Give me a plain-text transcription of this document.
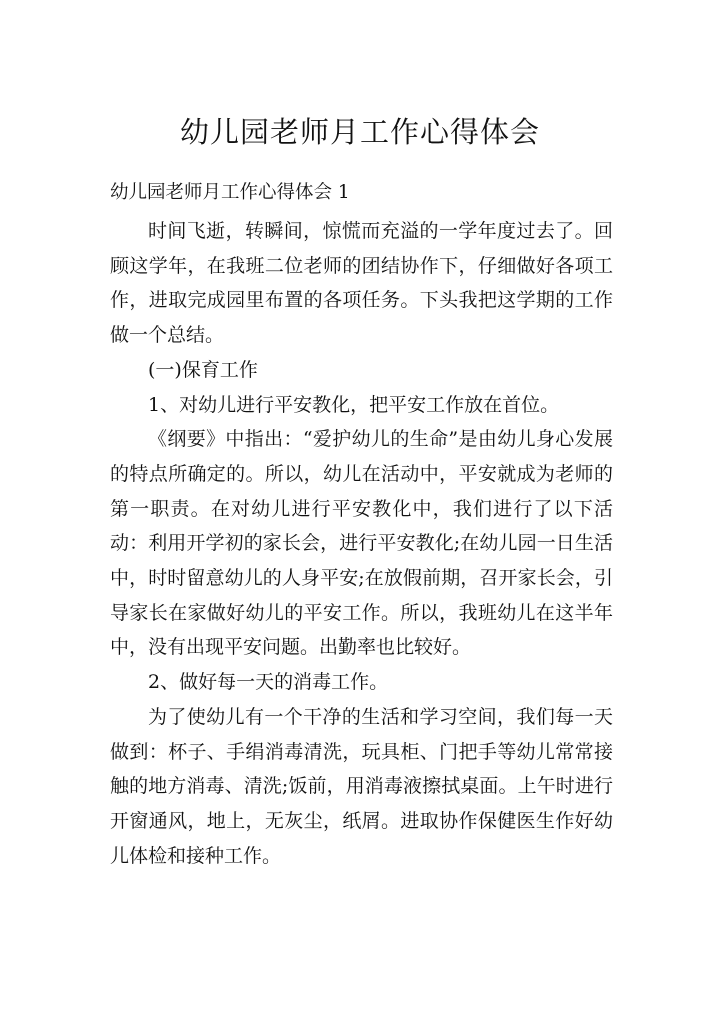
幼儿园老师月工作心得体会

幼儿园老师月工作心得体会 1

时间飞逝，转瞬间，惊慌而充溢的一学年度过去了。回顾这学年，在我班二位老师的团结协作下，仔细做好各项工作，进取完成园里布置的各项任务。下头我把这学期的工作做一个总结。

(一)保育工作

1、对幼儿进行平安教化，把平安工作放在首位。

《纲要》中指出：“爱护幼儿的生命”是由幼儿身心发展的特点所确定的。所以，幼儿在活动中，平安就成为老师的第一职责。在对幼儿进行平安教化中，我们进行了以下活动：利用开学初的家长会，进行平安教化;在幼儿园一日生活中，时时留意幼儿的人身平安;在放假前期，召开家长会，引导家长在家做好幼儿的平安工作。所以，我班幼儿在这半年中，没有出现平安问题。出勤率也比较好。

2、做好每一天的消毒工作。

为了使幼儿有一个干净的生活和学习空间，我们每一天做到：杯子、手绢消毒清洗，玩具柜、门把手等幼儿常常接触的地方消毒、清洗;饭前，用消毒液擦拭桌面。上午时进行开窗通风，地上，无灰尘，纸屑。进取协作保健医生作好幼儿体检和接种工作。
